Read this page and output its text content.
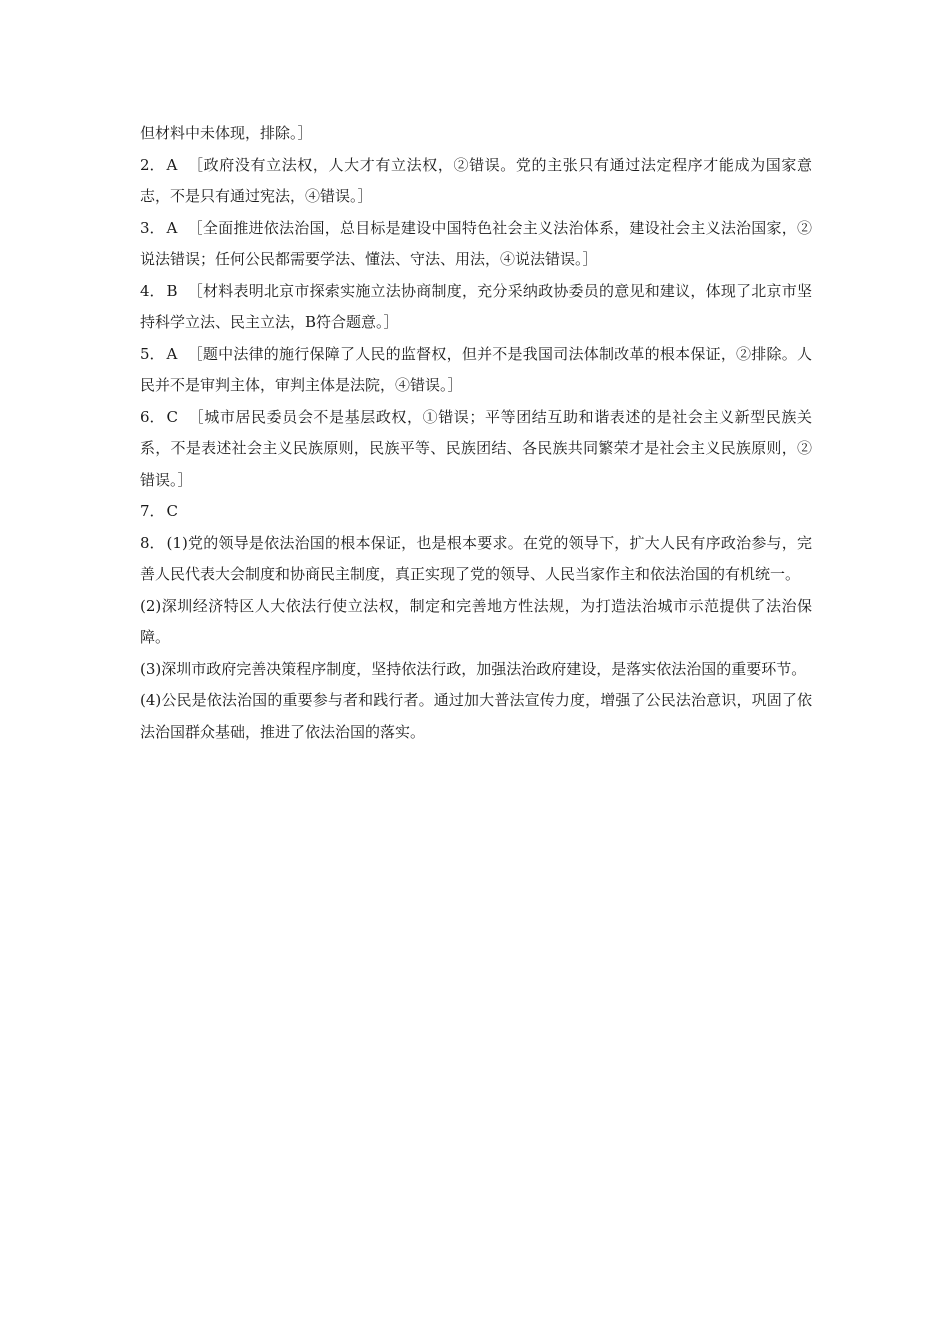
但材料中未体现，排除。］

2． A ［政府没有立法权，人大才有立法权，②错误。党的主张只有通过法定程序才能成为国家意志，不是只有通过宪法，④错误。］

3． A ［全面推进依法治国，总目标是建设中国特色社会主义法治体系，建设社会主义法治国家，②说法错误；任何公民都需要学法、懂法、守法、用法，④说法错误。］

4． B ［材料表明北京市探索实施立法协商制度，充分采纳政协委员的意见和建议，体现了北京市坚持科学立法、民主立法，B符合题意。］

5． A ［题中法律的施行保障了人民的监督权，但并不是我国司法体制改革的根本保证，②排除。人民并不是审判主体，审判主体是法院，④错误。］

6． C ［城市居民委员会不是基层政权，①错误；平等团结互助和谐表述的是社会主义新型民族关系，不是表述社会主义民族原则，民族平等、民族团结、各民族共同繁荣才是社会主义民族原则，②错误。］

7． C

8． (1)党的领导是依法治国的根本保证，也是根本要求。在党的领导下，扩大人民有序政治参与，完善人民代表大会制度和协商民主制度，真正实现了党的领导、人民当家作主和依法治国的有机统一。

(2)深圳经济特区人大依法行使立法权，制定和完善地方性法规，为打造法治城市示范提供了法治保障。

(3)深圳市政府完善决策程序制度，坚持依法行政，加强法治政府建设，是落实依法治国的重要环节。

(4)公民是依法治国的重要参与者和践行者。通过加大普法宣传力度，增强了公民法治意识，巩固了依法治国群众基础，推进了依法治国的落实。
